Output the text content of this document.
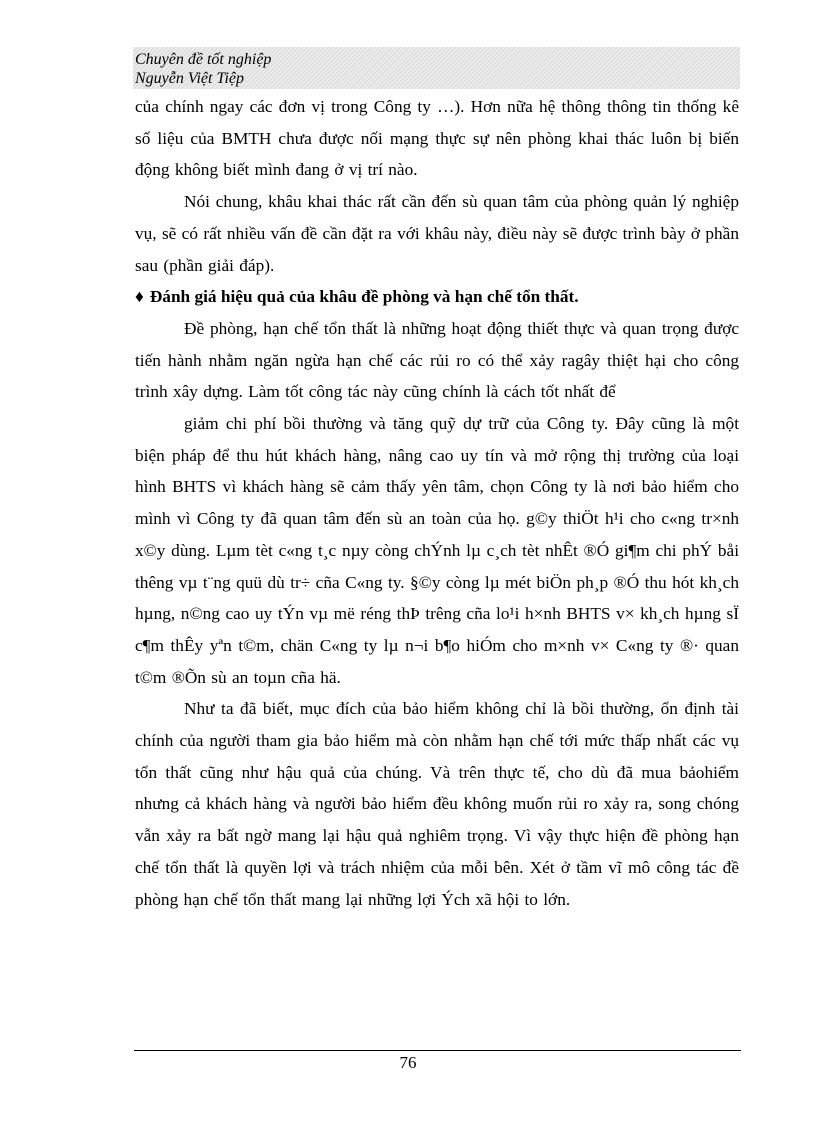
Chuyên đề tốt nghiệp
Nguyễn Việt Tiệp

của chính ngay các đơn vị trong Công ty …). Hơn nữa hệ thông thông tin thống kê số liệu của BMTH chưa được nối mạng thực sự nên phòng khai thác luôn bị biến động không biết mình đang ở vị trí nào.

Nói chung, khâu khai thác rất cần đến sù quan tâm của phòng quản lý nghiệp vụ, sẽ có rất nhiều vấn đề cần đặt ra với khâu này, điều này sẽ được trình bày ở phần sau (phần giải đáp).

♦ Đánh giá hiệu quả của khâu đề phòng và hạn chế tổn thất.

Đề phòng, hạn chế tổn thất là những hoạt động thiết thực và quan trọng được tiến hành nhằm ngăn ngừa hạn chế các rủi ro có thể xảy ragây thiệt hại cho công trình xây dựng. Làm tốt công tác này cũng chính là cách tốt nhất để

giảm chi phí bồi thường và tăng quỹ dự trữ của Công ty. Đây cũng là một biện pháp để thu hút khách hàng, nâng cao uy tín và mở rộng thị trường của loại hình BHTS vì khách hàng sẽ cảm thấy yên tâm, chọn Công ty là nơi bảo hiểm cho mình vì Công ty đã quan tâm đến sù an toàn của họ. g©y thiÖt h¹i cho c«ng tr×nh x©y dùng. Lµm tèt c«ng t¸c nµy còng chÝnh lµ c¸ch tèt nhÊt ®Ó gi¶m chi phÝ båi thêng vµ t¨ng quü dù tr÷ cña C«ng ty. §©y còng lµ mét biÖn ph¸p ®Ó thu hót kh¸ch hµng, n©ng cao uy tÝn vµ më réng thÞ trêng cña lo¹i h×nh BHTS v× kh¸ch hµng sÏ c¶m thÊy yªn t©m, chän C«ng ty lµ n¬i b¶o hiÓm cho m×nh v× C«ng ty ®· quan t©m ®Õn sù an toµn cña hä.

Như ta đã biết, mục đích của bảo hiểm không chỉ là bồi thường, ổn định tài chính của người tham gia bảo hiểm mà còn nhằm hạn chế tới mức thấp nhất các vụ tổn thất cũng như hậu quả của chúng. Và trên thực tế, cho dù đã mua bảohiểm nhưng cả khách hàng và người bảo hiểm đều không muốn rủi ro xảy ra, song chóng vẫn xảy ra bất ngờ mang lại hậu quả nghiêm trọng. Vì vậy thực hiện đề phòng hạn chế tổn thất là quyền lợi và trách nhiệm của mỗi bên. Xét ở tầm vĩ mô công tác đề phòng hạn chế tổn thất mang lại những lợi Ých xã hội to lớn.

76
